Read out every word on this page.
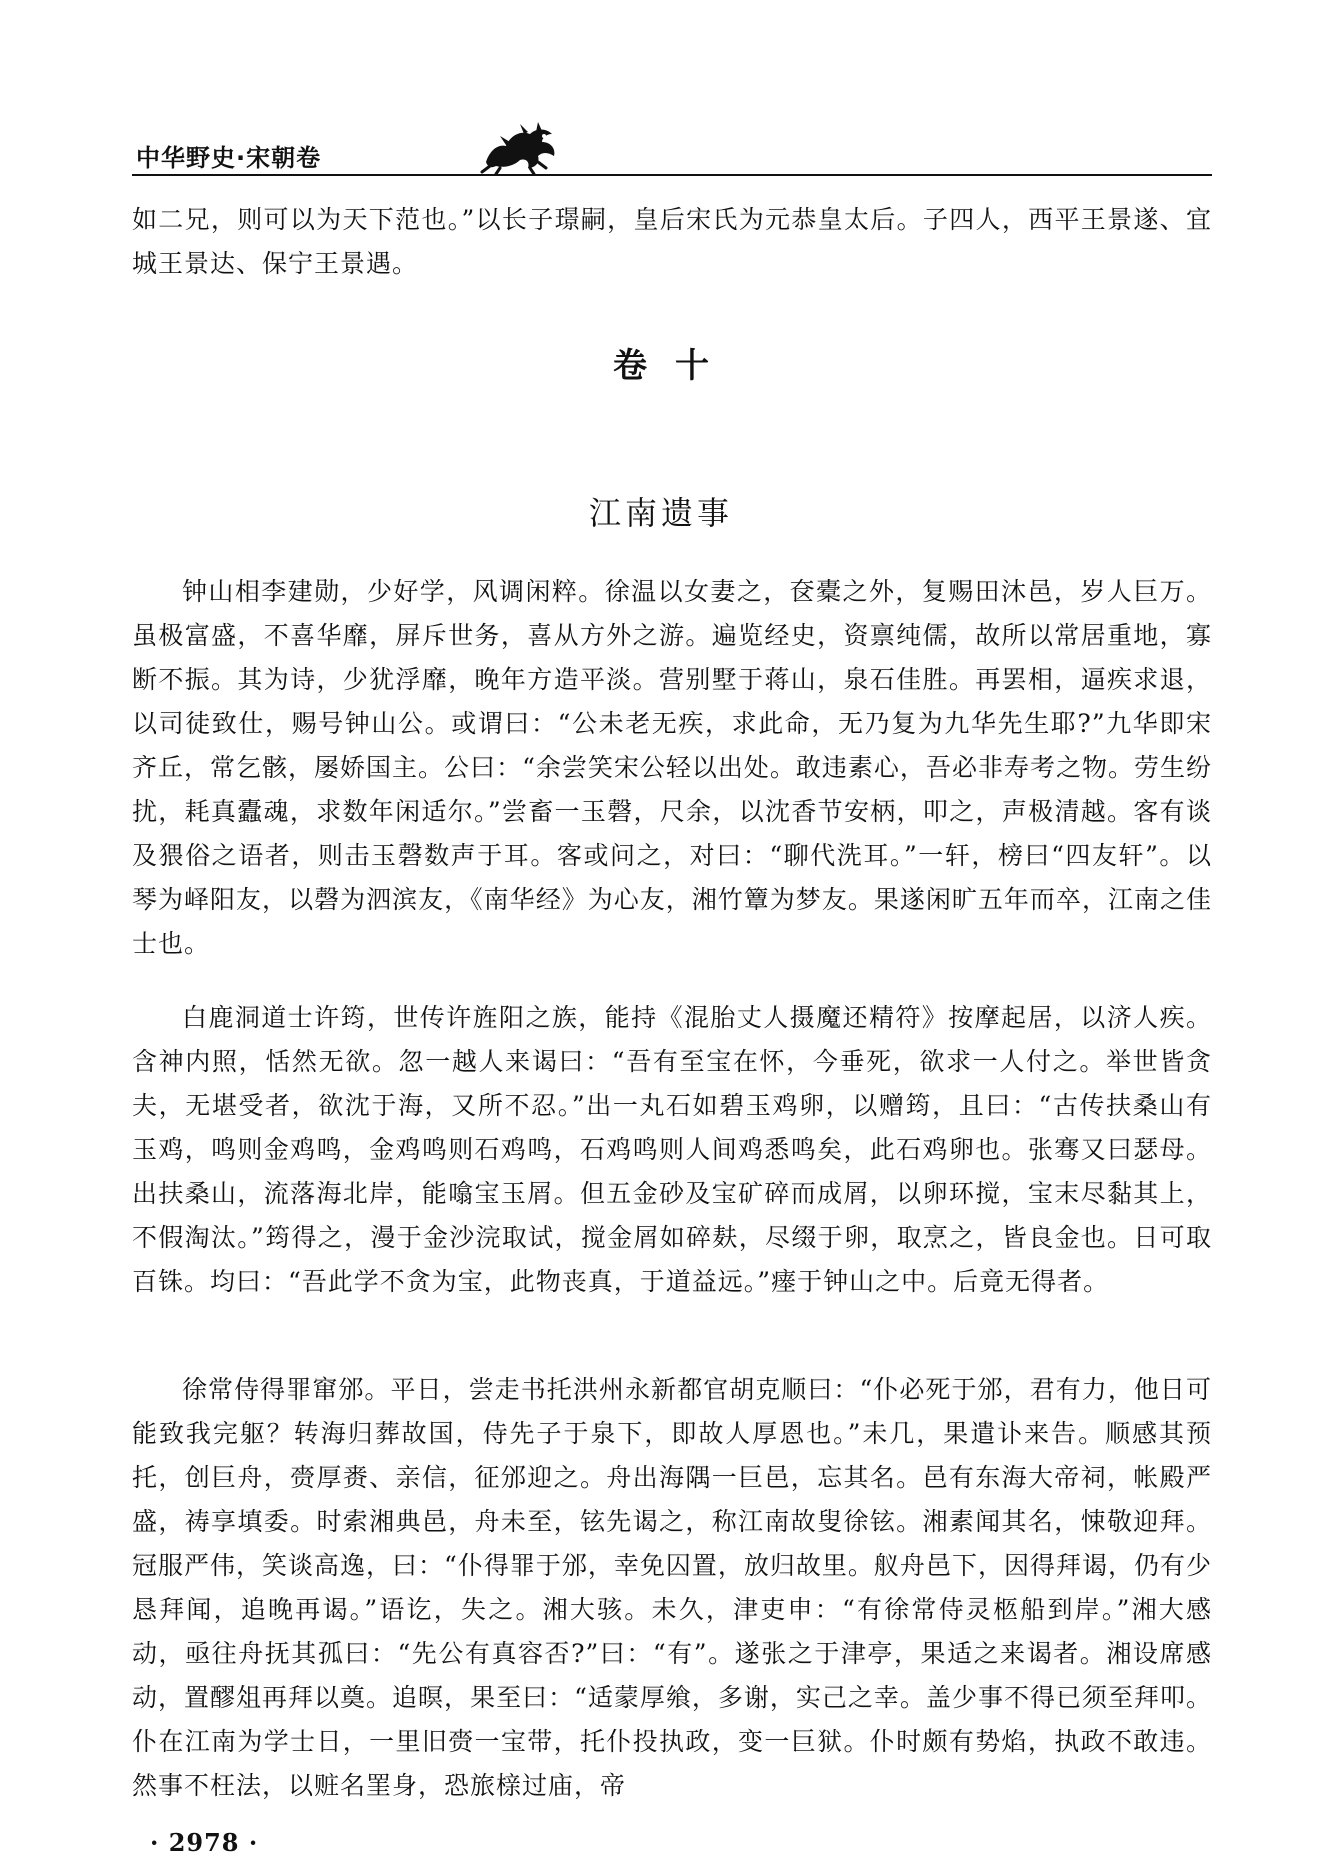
中华野史·宋朝卷

如二兄，则可以为天下范也。”以长子璟嗣，皇后宋氏为元恭皇太后。子四人，西平王景遂、宜城王景达、保宁王景遇。

卷十
江南遗事

钟山相李建勋，少好学，风调闲粹。徐温以女妻之，奁橐之外，复赐田沐邑，岁人巨万。虽极富盛，不喜华靡，屏斥世务，喜从方外之游。遍览经史，资禀纯儒，故所以常居重地，寡断不振。其为诗，少犹浮靡，晚年方造平淡。营别墅于蒋山，泉石佳胜。再罢相，逼疾求退，以司徒致仕，赐号钟山公。或谓曰：“公未老无疾，求此命，无乃复为九华先生耶?”九华即宋齐丘，常乞骸，屡娇国主。公曰：“余尝笑宋公轻以出处。敢违素心，吾必非寿考之物。劳生纷扰，耗真蠹魂，求数年闲适尔。”尝畜一玉磬，尺余，以沈香节安柄，叩之，声极清越。客有谈及猥俗之语者，则击玉磬数声于耳。客或问之，对曰：“聊代洗耳。”一轩，榜曰“四友轩”。以琴为峄阳友，以磬为泗滨友，《南华经》为心友，湘竹簟为梦友。果遂闲旷五年而卒，江南之佳士也。

白鹿洞道士许筠，世传许旌阳之族，能持《混胎丈人摄魔还精符》按摩起居，以济人疾。含神内照，恬然无欲。忽一越人来谒曰：“吾有至宝在怀，今垂死，欲求一人付之。举世皆贪夫，无堪受者，欲沈于海，又所不忍。”出一丸石如碧玉鸡卵，以赠筠，且曰：“古传扶桑山有玉鸡，鸣则金鸡鸣，金鸡鸣则石鸡鸣，石鸡鸣则人间鸡悉鸣矣，此石鸡卵也。张骞又曰瑟母。出扶桑山，流落海北岸，能噏宝玉屑。但五金砂及宝矿碎而成屑，以卵环搅，宝末尽黏其上，不假淘汰。”筠得之，漫于金沙浣取试，搅金屑如碎麸，尽缀于卵，取烹之，皆良金也。日可取百铢。均曰：“吾此学不贪为宝，此物丧真，于道益远。”瘗于钟山之中。后竟无得者。

徐常侍得罪窜邠。平日，尝走书托洪州永新都官胡克顺曰：“仆必死于邠，君有力，他日可能致我完躯？转海归葬故国，侍先子于泉下，即故人厚恩也。”未几，果遣讣来告。顺感其预托，创巨舟，赍厚赉、亲信，征邠迎之。舟出海隅一巨邑，忘其名。邑有东海大帝祠，帐殿严盛，祷享填委。时索湘典邑，舟未至，铉先谒之，称江南故叟徐铉。湘素闻其名，悚敬迎拜。冠服严伟，笑谈高逸，曰：“仆得罪于邠，幸免囚置，放归故里。舣舟邑下，因得拜谒，仍有少恳拜闻，追晚再谒。”语讫，失之。湘大骇。未久，津吏申：“有徐常侍灵柩船到岸。”湘大感动，亟往舟抚其孤曰：“先公有真容否?”曰：“有”。遂张之于津亭，果适之来谒者。湘设席感动，置醪俎再拜以奠。追暝，果至曰：“适蒙厚飨，多谢，实己之幸。盖少事不得已须至拜叩。仆在江南为学士日，一里旧赍一宝带，托仆投执政，变一巨狱。仆时颇有势焰，执政不敢违。然事不枉法，以赃名罣身，恐旅榇过庙，帝

· 2978 ·
